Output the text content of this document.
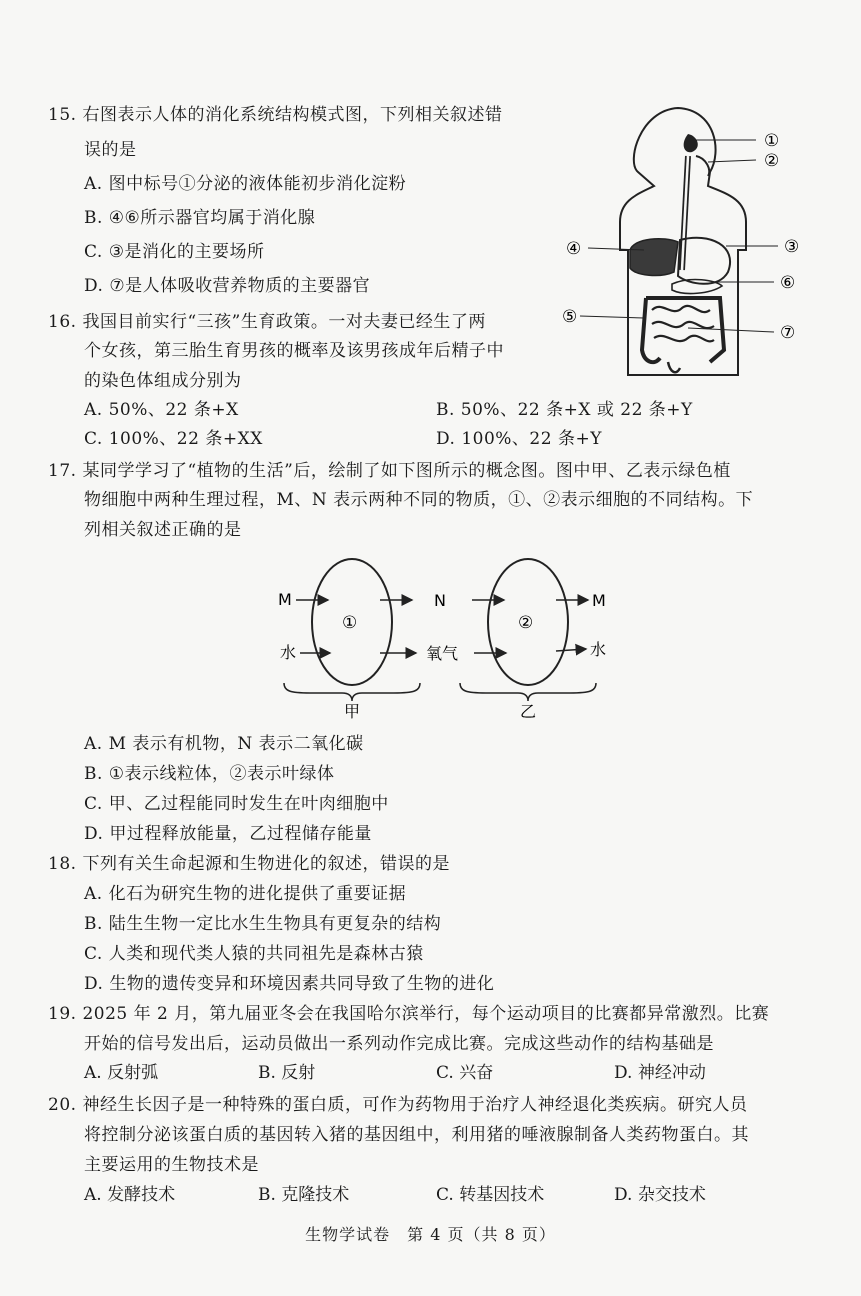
15. 右图表示人体的消化系统结构模式图，下列相关叙述错
误的是
A. 图中标号①分泌的液体能初步消化淀粉
B. ④⑥所示器官均属于消化腺
C. ③是消化的主要场所
D. ⑦是人体吸收营养物质的主要器官
①
②
③
④
⑤
⑥
⑦
16. 我国目前实行“三孩”生育政策。一对夫妻已经生了两
个女孩，第三胎生育男孩的概率及该男孩成年后精子中
的染色体组成分别为
A. 50%、22 条+X	B. 50%、22 条+X 或 22 条+Y
C. 100%、22 条+XX	D. 100%、22 条+Y
17. 某同学学习了“植物的生活”后，绘制了如下图所示的概念图。图中甲、乙表示绿色植
物细胞中两种生理过程，M、N 表示两种不同的物质，①、②表示细胞的不同结构。下
列相关叙述正确的是
①	②
M
水
N
氧气
M
水
甲	乙
A. M 表示有机物，N 表示二氧化碳
B. ①表示线粒体，②表示叶绿体
C. 甲、乙过程能同时发生在叶肉细胞中
D. 甲过程释放能量，乙过程储存能量
18. 下列有关生命起源和生物进化的叙述，错误的是
A. 化石为研究生物的进化提供了重要证据
B. 陆生生物一定比水生生物具有更复杂的结构
C. 人类和现代类人猿的共同祖先是森林古猿
D. 生物的遗传变异和环境因素共同导致了生物的进化
19. 2025 年 2 月，第九届亚冬会在我国哈尔滨举行，每个运动项目的比赛都异常激烈。比赛
开始的信号发出后，运动员做出一系列动作完成比赛。完成这些动作的结构基础是
A. 反射弧	B. 反射	C. 兴奋	D. 神经冲动
20. 神经生长因子是一种特殊的蛋白质，可作为药物用于治疗人神经退化类疾病。研究人员
将控制分泌该蛋白质的基因转入猪的基因组中，利用猪的唾液腺制备人类药物蛋白。其
主要运用的生物技术是
A. 发酵技术	B. 克隆技术	C. 转基因技术	D. 杂交技术
生物学试卷　第 4 页（共 8 页）
